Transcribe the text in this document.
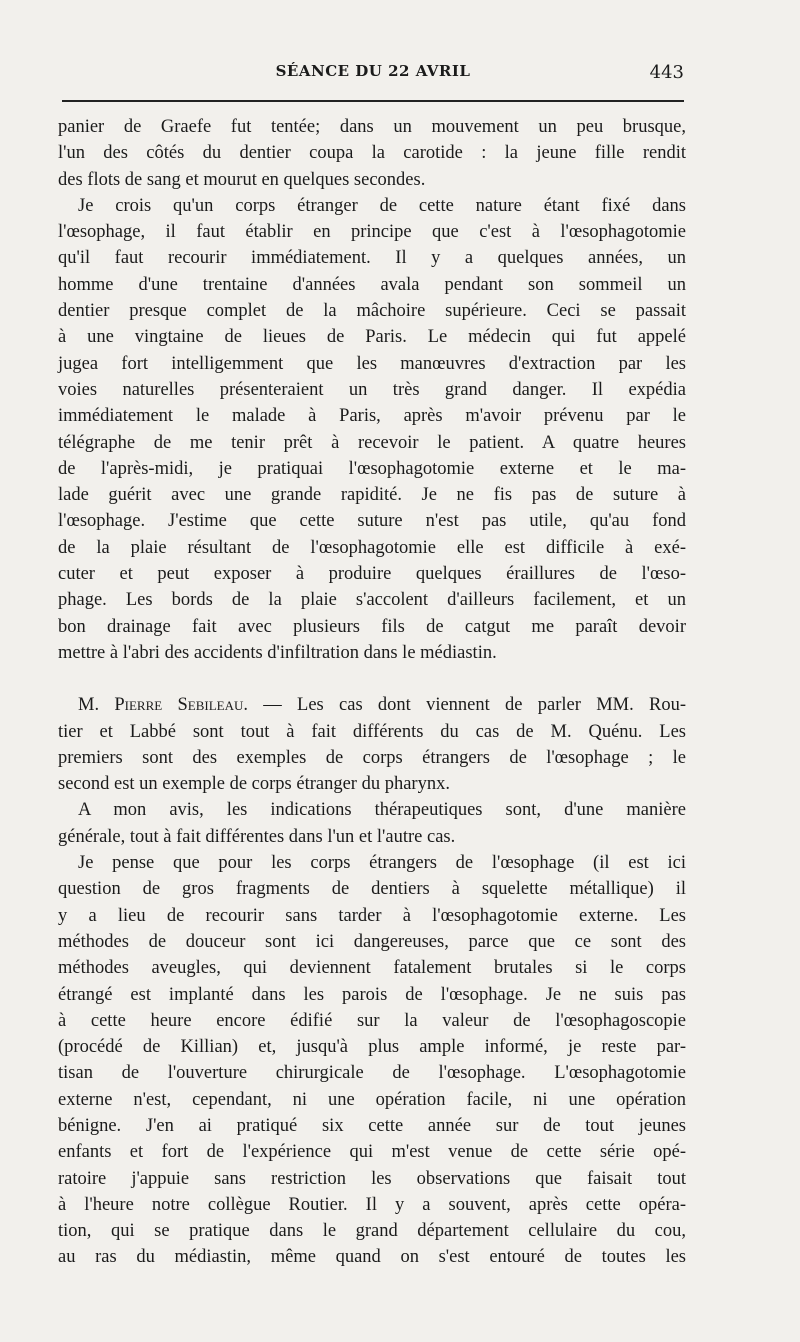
SÉANCE DU 22 AVRIL	443
panier de Graefe fut tentée; dans un mouvement un peu brusque,
l'un des côtés du dentier coupa la carotide : la jeune fille rendit
des flots de sang et mourut en quelques secondes.
Je crois qu'un corps étranger de cette nature étant fixé dans
l'œsophage, il faut établir en principe que c'est à l'œsophagotomie
qu'il faut recourir immédiatement. Il y a quelques années, un
homme d'une trentaine d'années avala pendant son sommeil un
dentier presque complet de la mâchoire supérieure. Ceci se passait
à une vingtaine de lieues de Paris. Le médecin qui fut appelé
jugea fort intelligemment que les manœuvres d'extraction par les
voies naturelles présenteraient un très grand danger. Il expédia
immédiatement le malade à Paris, après m'avoir prévenu par le
télégraphe de me tenir prêt à recevoir le patient. A quatre heures
de l'après-midi, je pratiquai l'œsophagotomie externe et le ma-
lade guérit avec une grande rapidité. Je ne fis pas de suture à
l'œsophage. J'estime que cette suture n'est pas utile, qu'au fond
de la plaie résultant de l'œsophagotomie elle est difficile à exé-
cuter et peut exposer à produire quelques éraillures de l'œso-
phage. Les bords de la plaie s'accolent d'ailleurs facilement, et un
bon drainage fait avec plusieurs fils de catgut me paraît devoir
mettre à l'abri des accidents d'infiltration dans le médiastin.
M. Pierre Sebileau. — Les cas dont viennent de parler MM. Rou-
tier et Labbé sont tout à fait différents du cas de M. Quénu. Les
premiers sont des exemples de corps étrangers de l'œsophage ; le
second est un exemple de corps étranger du pharynx.
A mon avis, les indications thérapeutiques sont, d'une manière
générale, tout à fait différentes dans l'un et l'autre cas.
Je pense que pour les corps étrangers de l'œsophage (il est ici
question de gros fragments de dentiers à squelette métallique) il
y a lieu de recourir sans tarder à l'œsophagotomie externe. Les
méthodes de douceur sont ici dangereuses, parce que ce sont des
méthodes aveugles, qui deviennent fatalement brutales si le corps
étrangé est implanté dans les parois de l'œsophage. Je ne suis pas
à cette heure encore édifié sur la valeur de l'œsophagoscopie
(procédé de Killian) et, jusqu'à plus ample informé, je reste par-
tisan de l'ouverture chirurgicale de l'œsophage. L'œsophagotomie
externe n'est, cependant, ni une opération facile, ni une opération
bénigne. J'en ai pratiqué six cette année sur de tout jeunes
enfants et fort de l'expérience qui m'est venue de cette série opé-
ratoire j'appuie sans restriction les observations que faisait tout
à l'heure notre collègue Routier. Il y a souvent, après cette opéra-
tion, qui se pratique dans le grand département cellulaire du cou,
au ras du médiastin, même quand on s'est entouré de toutes les
